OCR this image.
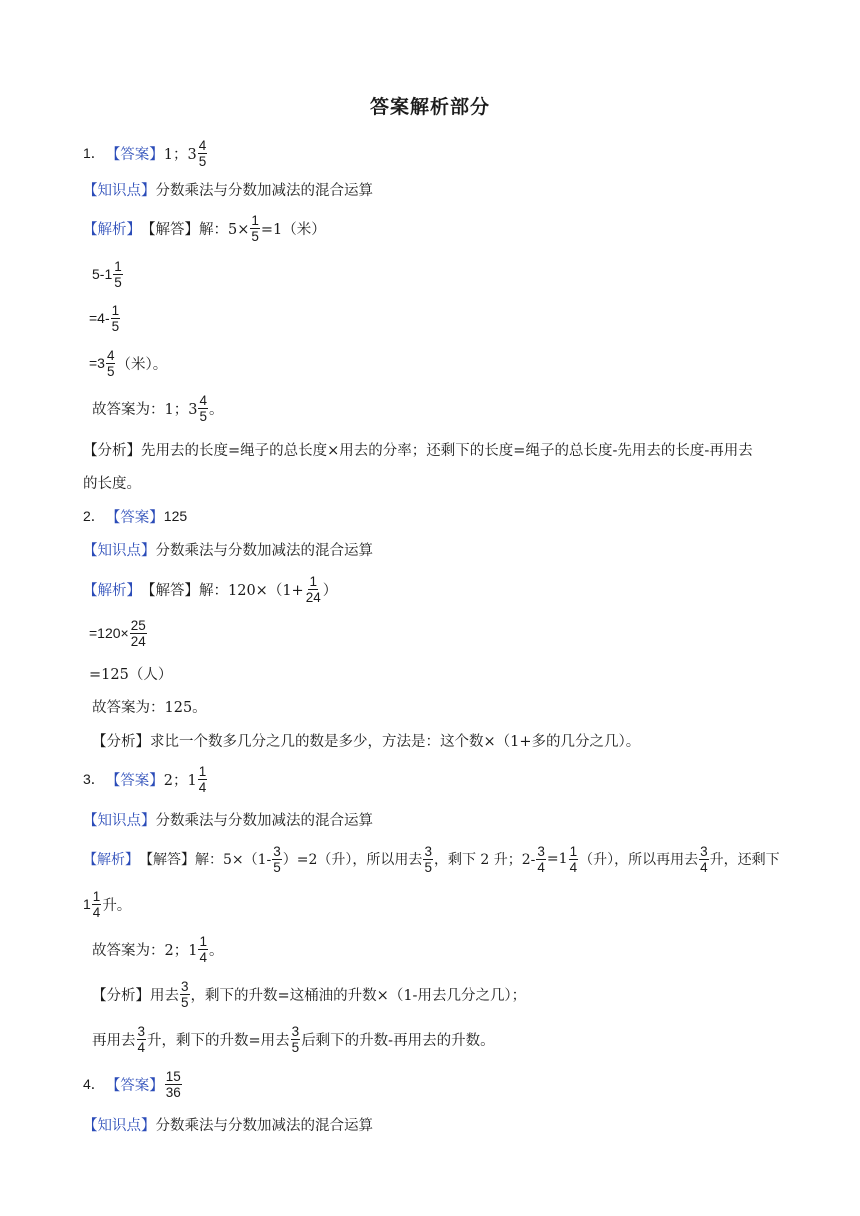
答案解析部分
1． 【答案】 1；$3 \frac{4}{5}$
【知识点】 分数乘法与分数加减法的混合运算
【解析】 【解答】 解：$5\times \frac{1}{5} =1$（米）
$5-1 \frac{1}{5}$
$=4- \frac{1}{5}$
$=3 \frac{4}{5}$ （米）。
故答案为：1；$3 \frac{4}{5}$ 。
【分析】 先用去的长度=绳子的总长度×用去的分率；还剩下的长度=绳子的总长度-先用去的长度-再用去
的长度。
2． 【答案】 125
【知识点】 分数乘法与分数加减法的混合运算
【解析】 【解答】 解：$120\times(1+ \frac{1}{24}$ ）
$=120\times \frac{25}{24}$
=125（人）
故答案为：125。
【分析】 求比一个数多几分之几的数是多少，方法是：这个数×（1+多的几分之几）。
3． 【答案】 2；$1 \frac{1}{4}$
【知识点】 分数乘法与分数加减法的混合运算
【解析】 【解答】 解：$5\times(1- \frac{3}{5} )=2$（升），所以用去 $\frac{3}{5}$ ，剩下 2 升；$2- \frac{3}{4} =1 \frac{1}{4}$ （升），所以再用去 $\frac{3}{4}$ 升，还剩下
$1 \frac{1}{4}$ 升。
故答案为：2；$1 \frac{1}{4}$ 。
【分析】 用去 $\frac{3}{5}$ ，剩下的升数=这桶油的升数×（1-用去几分之几）；
再用去 $\frac{3}{4}$ 升，剩下的升数=用去 $\frac{3}{5}$ 后剩下的升数-再用去的升数。
4． 【答案】 $\frac{15}{36}$
【知识点】 分数乘法与分数加减法的混合运算
